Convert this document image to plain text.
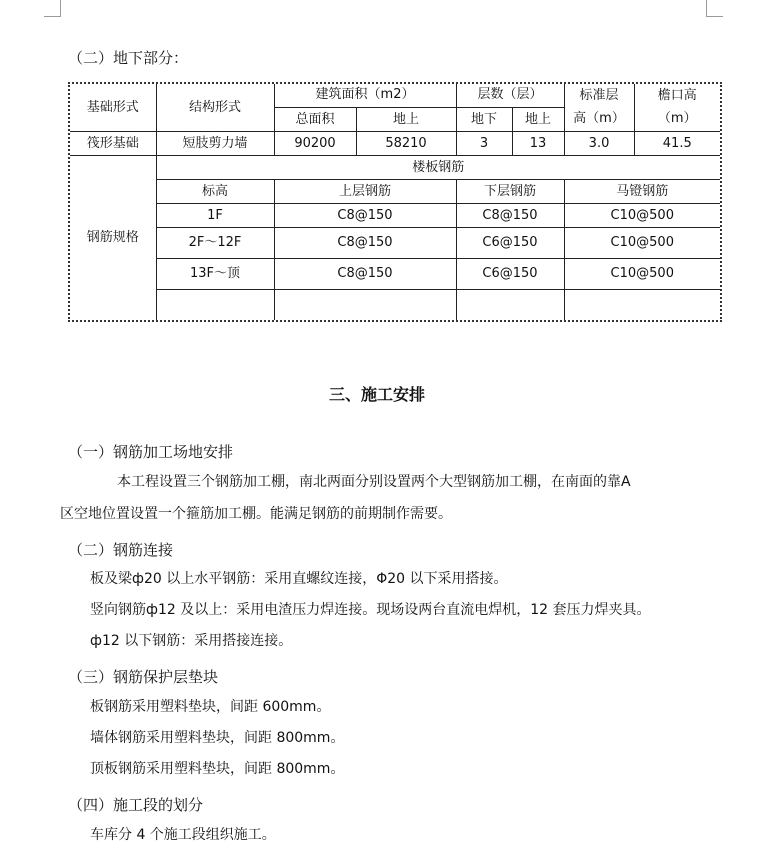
（二）地下部分：
基础形式	结构形式	建筑面积（m2）		层数（层）		标准层	檐口高
		总面积	地上	地下	地上	高（m）	（m）
筏形基础	短肢剪力墙	90200	58210	3	13	3.0	41.5
钢筋规格	楼板钢筋						
	标高	上层钢筋		下层钢筋		马镫钢筋	
	1F	C8@150		C8@150		C10@500	
	2F～12F	C8@150		C6@150		C10@500	
	13F～顶	C8@150		C6@150		C10@500	

三、施工安排
（一）钢筋加工场地安排
本工程设置三个钢筋加工棚，南北两面分别设置两个大型钢筋加工棚，在南面的靠A
区空地位置设置一个箍筋加工棚。能满足钢筋的前期制作需要。
（二）钢筋连接
板及梁ф20 以上水平钢筋：采用直螺纹连接，Φ20 以下采用搭接。
竖向钢筋ф12 及以上：采用电渣压力焊连接。现场设两台直流电焊机，12 套压力焊夹具。
ф12 以下钢筋：采用搭接连接。
（三）钢筋保护层垫块
板钢筋采用塑料垫块，间距 600mm。
墙体钢筋采用塑料垫块，间距 800mm。
顶板钢筋采用塑料垫块，间距 800mm。
（四）施工段的划分
车库分 4 个施工段组织施工。
